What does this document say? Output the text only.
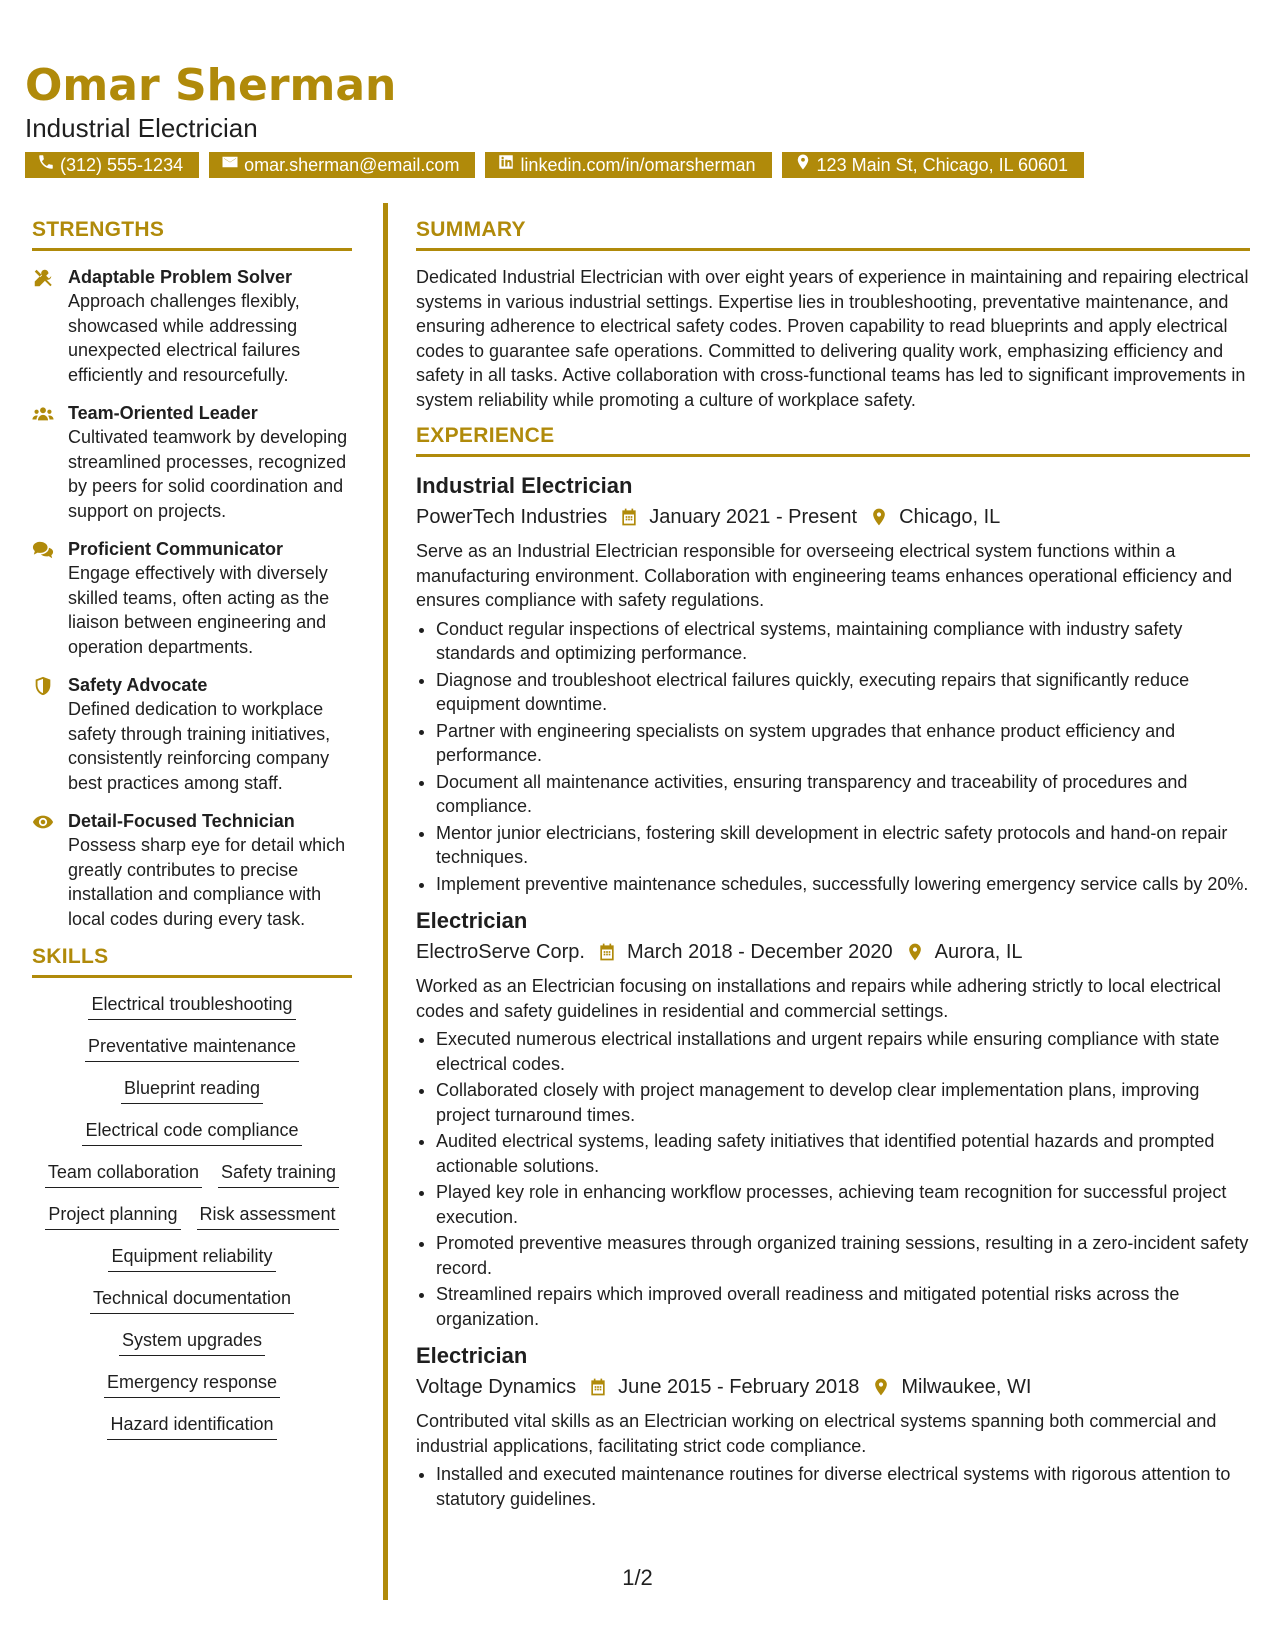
Omar Sherman
Industrial Electrician
(312) 555-1234	omar.sherman@email.com	linkedin.com/in/omarsherman	123 Main St, Chicago, IL 60601
STRENGTHS
Adaptable Problem Solver
Approach challenges flexibly, showcased while addressing unexpected electrical failures efficiently and resourcefully.
Team-Oriented Leader
Cultivated teamwork by developing streamlined processes, recognized by peers for solid coordination and support on projects.
Proficient Communicator
Engage effectively with diversely skilled teams, often acting as the liaison between engineering and operation departments.
Safety Advocate
Defined dedication to workplace safety through training initiatives, consistently reinforcing company best practices among staff.
Detail-Focused Technician
Possess sharp eye for detail which greatly contributes to precise installation and compliance with local codes during every task.
SKILLS
Electrical troubleshooting
Preventative maintenance
Blueprint reading
Electrical code compliance
Team collaboration Safety training
Project planning Risk assessment
Equipment reliability
Technical documentation
System upgrades
Emergency response
Hazard identification
SUMMARY

Dedicated Industrial Electrician with over eight years of experience in maintaining and repairing electrical systems in various industrial settings. Expertise lies in troubleshooting, preventative maintenance, and ensuring adherence to electrical safety codes. Proven capability to read blueprints and apply electrical codes to guarantee safe operations. Committed to delivering quality work, emphasizing efficiency and safety in all tasks. Active collaboration with cross-functional teams has led to significant improvements in system reliability while promoting a culture of workplace safety.

EXPERIENCE
Industrial Electrician
PowerTech Industries January 2021 - Present Chicago, IL

Serve as an Industrial Electrician responsible for overseeing electrical system functions within a manufacturing environment. Collaboration with engineering teams enhances operational efficiency and ensures compliance with safety regulations.

• Conduct regular inspections of electrical systems, maintaining compliance with industry safety standards and optimizing performance.
• Diagnose and troubleshoot electrical failures quickly, executing repairs that significantly reduce equipment downtime.
• Partner with engineering specialists on system upgrades that enhance product efficiency and performance.
• Document all maintenance activities, ensuring transparency and traceability of procedures and compliance.
• Mentor junior electricians, fostering skill development in electric safety protocols and hand-on repair techniques.
• Implement preventive maintenance schedules, successfully lowering emergency service calls by 20%.
Electrician
ElectroServe Corp. March 2018 - December 2020 Aurora, IL

Worked as an Electrician focusing on installations and repairs while adhering strictly to local electrical codes and safety guidelines in residential and commercial settings.

• Executed numerous electrical installations and urgent repairs while ensuring compliance with state electrical codes.
• Collaborated closely with project management to develop clear implementation plans, improving project turnaround times.
• Audited electrical systems, leading safety initiatives that identified potential hazards and prompted actionable solutions.
• Played key role in enhancing workflow processes, achieving team recognition for successful project execution.
• Promoted preventive measures through organized training sessions, resulting in a zero-incident safety record.
• Streamlined repairs which improved overall readiness and mitigated potential risks across the organization.
Electrician
Voltage Dynamics June 2015 - February 2018 Milwaukee, WI

Contributed vital skills as an Electrician working on electrical systems spanning both commercial and industrial applications, facilitating strict code compliance.

• Installed and executed maintenance routines for diverse electrical systems with rigorous attention to statutory guidelines.
1/2
